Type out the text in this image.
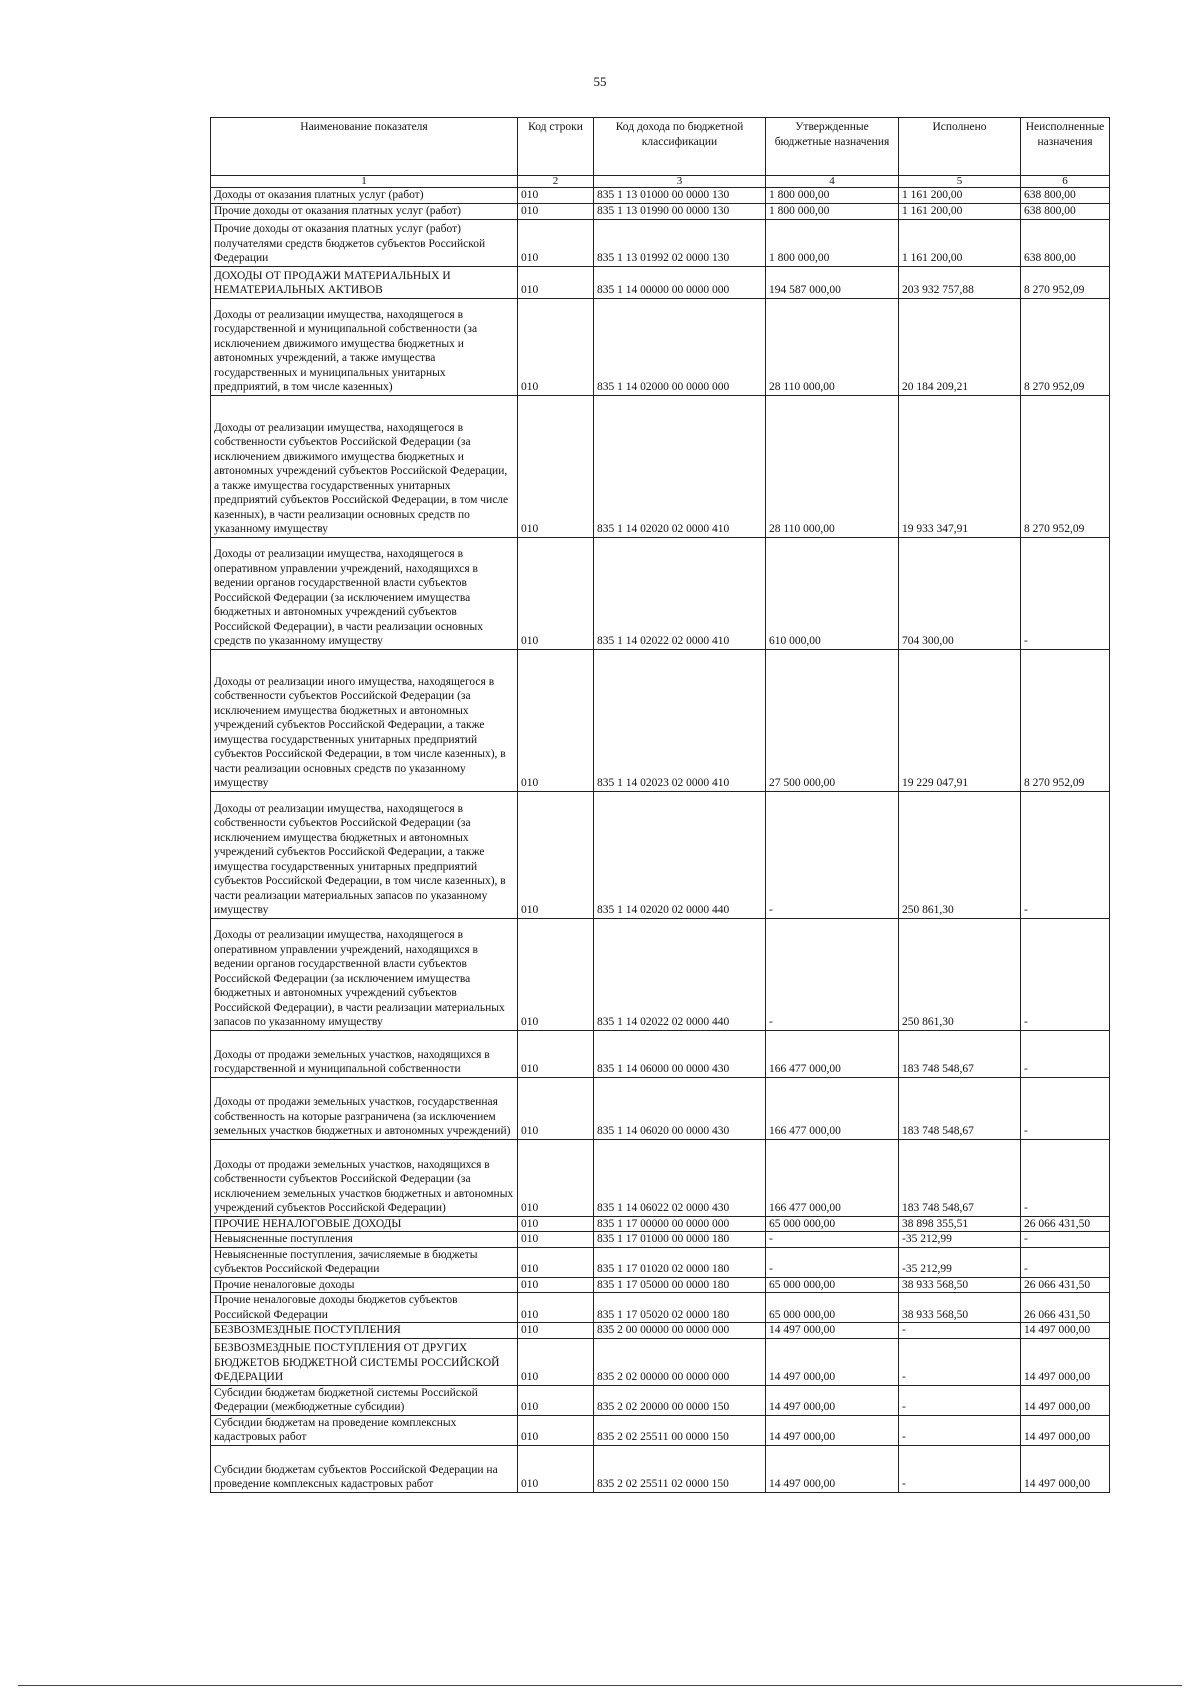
55
Наименование показателя	Код строки	Код дохода по бюджетной классификации	Утвержденные бюджетные назначения	Исполнено	Неисполненные назначения
1	2	3	4	5	6
Доходы от оказания платных услуг (работ)	010	835 1 13 01000 00 0000 130	1 800 000,00	1 161 200,00	638 800,00
Прочие доходы от оказания платных услуг (работ)	010	835 1 13 01990 00 0000 130	1 800 000,00	1 161 200,00	638 800,00
Прочие доходы от оказания платных услуг (работ) получателями средств бюджетов субъектов Российской Федерации	010	835 1 13 01992 02 0000 130	1 800 000,00	1 161 200,00	638 800,00
ДОХОДЫ ОТ ПРОДАЖИ МАТЕРИАЛЬНЫХ И НЕМАТЕРИАЛЬНЫХ АКТИВОВ	010	835 1 14 00000 00 0000 000	194 587 000,00	203 932 757,88	8 270 952,09
Доходы от реализации имущества, находящегося в государственной и муниципальной собственности (за исключением движимого имущества бюджетных и автономных учреждений, а также имущества государственных и муниципальных унитарных предприятий, в том числе казенных)	010	835 1 14 02000 00 0000 000	28 110 000,00	20 184 209,21	8 270 952,09
Доходы от реализации имущества, находящегося в собственности субъектов Российской Федерации (за исключением движимого имущества бюджетных и автономных учреждений субъектов Российской Федерации, а также имущества государственных унитарных предприятий субъектов Российской Федерации, в том числе казенных), в части реализации основных средств по указанному имуществу	010	835 1 14 02020 02 0000 410	28 110 000,00	19 933 347,91	8 270 952,09
Доходы от реализации имущества, находящегося в оперативном управлении учреждений, находящихся в ведении органов государственной власти субъектов Российской Федерации (за исключением имущества бюджетных и автономных учреждений субъектов Российской Федерации), в части реализации основных средств по указанному имуществу	010	835 1 14 02022 02 0000 410	610 000,00	704 300,00	-
Доходы от реализации иного имущества, находящегося в собственности субъектов Российской Федерации (за исключением имущества бюджетных и автономных учреждений субъектов Российской Федерации, а также имущества государственных унитарных предприятий субъектов Российской Федерации, в том числе казенных), в части реализации основных средств по указанному имуществу	010	835 1 14 02023 02 0000 410	27 500 000,00	19 229 047,91	8 270 952,09
Доходы от реализации имущества, находящегося в собственности субъектов Российской Федерации (за исключением имущества бюджетных и автономных учреждений субъектов Российской Федерации, а также имущества государственных унитарных предприятий субъектов Российской Федерации, в том числе казенных), в части реализации материальных запасов по указанному имуществу	010	835 1 14 02020 02 0000 440	-	250 861,30	-
Доходы от реализации имущества, находящегося в оперативном управлении учреждений, находящихся в ведении органов государственной власти субъектов Российской Федерации (за исключением имущества бюджетных и автономных учреждений субъектов Российской Федерации), в части реализации материальных запасов по указанному имуществу	010	835 1 14 02022 02 0000 440	-	250 861,30	-
Доходы от продажи земельных участков, находящихся в государственной и муниципальной собственности	010	835 1 14 06000 00 0000 430	166 477 000,00	183 748 548,67	-
Доходы от продажи земельных участков, государственная собственность на которые разграничена (за исключением земельных участков бюджетных и автономных учреждений)	010	835 1 14 06020 00 0000 430	166 477 000,00	183 748 548,67	-
Доходы от продажи земельных участков, находящихся в собственности субъектов Российской Федерации (за исключением земельных участков бюджетных и автономных учреждений субъектов Российской Федерации)	010	835 1 14 06022 02 0000 430	166 477 000,00	183 748 548,67	-
ПРОЧИЕ НЕНАЛОГОВЫЕ ДОХОДЫ	010	835 1 17 00000 00 0000 000	65 000 000,00	38 898 355,51	26 066 431,50
Невыясненные поступления	010	835 1 17 01000 00 0000 180	-	-35 212,99	-
Невыясненные поступления, зачисляемые в бюджеты субъектов Российской Федерации	010	835 1 17 01020 02 0000 180	-	-35 212,99	-
Прочие неналоговые доходы	010	835 1 17 05000 00 0000 180	65 000 000,00	38 933 568,50	26 066 431,50
Прочие неналоговые доходы бюджетов субъектов Российской Федерации	010	835 1 17 05020 02 0000 180	65 000 000,00	38 933 568,50	26 066 431,50
БЕЗВОЗМЕЗДНЫЕ ПОСТУПЛЕНИЯ	010	835 2 00 00000 00 0000 000	14 497 000,00	-	14 497 000,00
БЕЗВОЗМЕЗДНЫЕ ПОСТУПЛЕНИЯ ОТ ДРУГИХ БЮДЖЕТОВ БЮДЖЕТНОЙ СИСТЕМЫ РОССИЙСКОЙ ФЕДЕРАЦИИ	010	835 2 02 00000 00 0000 000	14 497 000,00	-	14 497 000,00
Субсидии бюджетам бюджетной системы Российской Федерации (межбюджетные субсидии)	010	835 2 02 20000 00 0000 150	14 497 000,00	-	14 497 000,00
Субсидии бюджетам на проведение комплексных кадастровых работ	010	835 2 02 25511 00 0000 150	14 497 000,00	-	14 497 000,00
Субсидии бюджетам субъектов Российской Федерации на проведение комплексных кадастровых работ	010	835 2 02 25511 02 0000 150	14 497 000,00	-	14 497 000,00
